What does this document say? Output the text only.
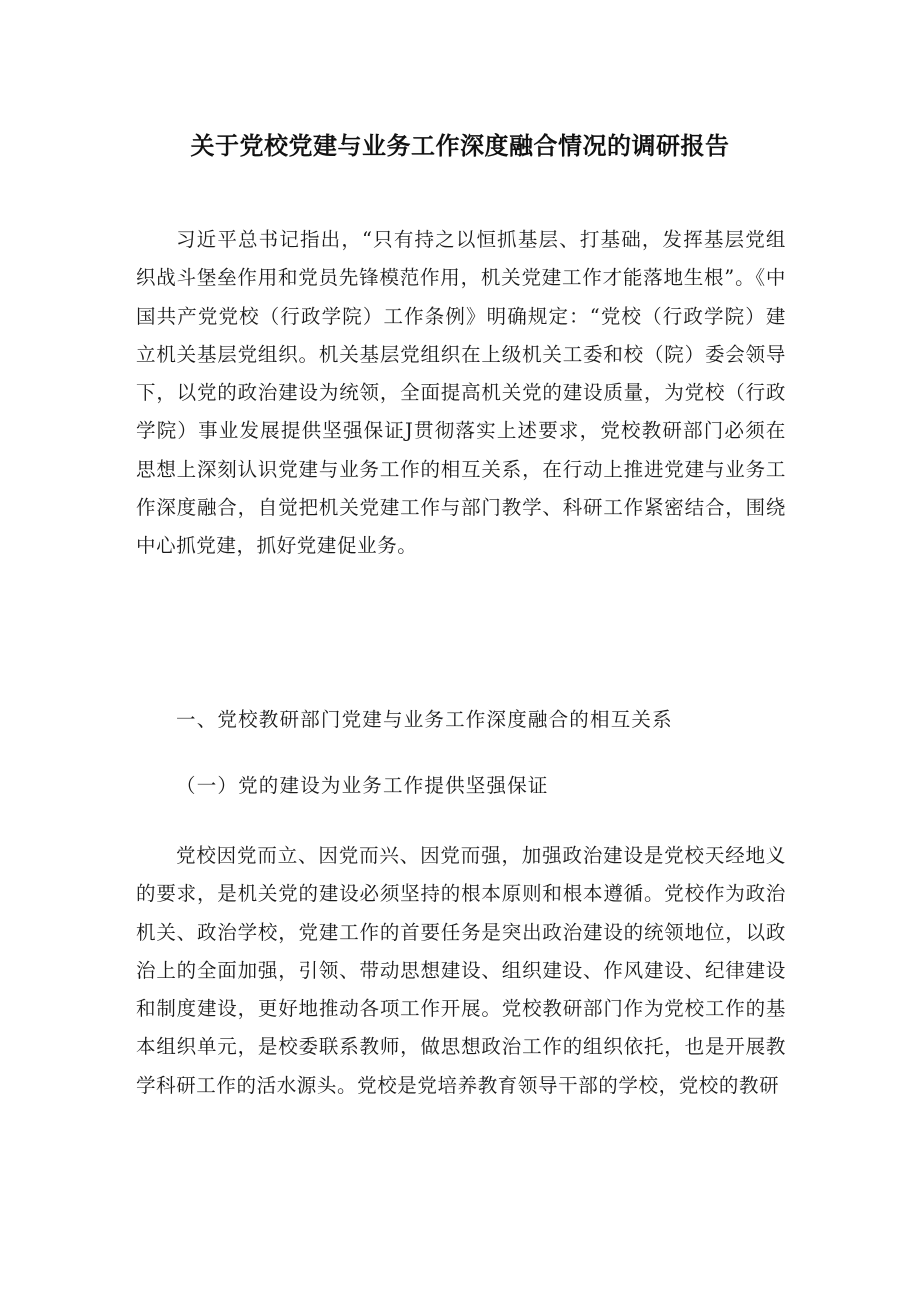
关于党校党建与业务工作深度融合情况的调研报告

习近平总书记指出，“只有持之以恒抓基层、打基础，发挥基层党组织战斗堡垒作用和党员先锋模范作用，机关党建工作才能落地生根”。《中国共产党党校（行政学院）工作条例》明确规定：“党校（行政学院）建立机关基层党组织。机关基层党组织在上级机关工委和校（院）委会领导下，以党的政治建设为统领，全面提高机关党的建设质量，为党校（行政学院）事业发展提供坚强保证J贯彻落实上述要求，党校教研部门必须在思想上深刻认识党建与业务工作的相互关系，在行动上推进党建与业务工作深度融合，自觉把机关党建工作与部门教学、科研工作紧密结合，围绕中心抓党建，抓好党建促业务。

一、党校教研部门党建与业务工作深度融合的相互关系
（一）党的建设为业务工作提供坚强保证

党校因党而立、因党而兴、因党而强，加强政治建设是党校天经地义的要求，是机关党的建设必须坚持的根本原则和根本遵循。党校作为政治机关、政治学校，党建工作的首要任务是突出政治建设的统领地位，以政治上的全面加强，引领、带动思想建设、组织建设、作风建设、纪律建设和制度建设，更好地推动各项工作开展。党校教研部门作为党校工作的基本组织单元，是校委联系教师，做思想政治工作的组织依托，也是开展教学科研工作的活水源头。党校是党培养教育领导干部的学校，党校的教研
